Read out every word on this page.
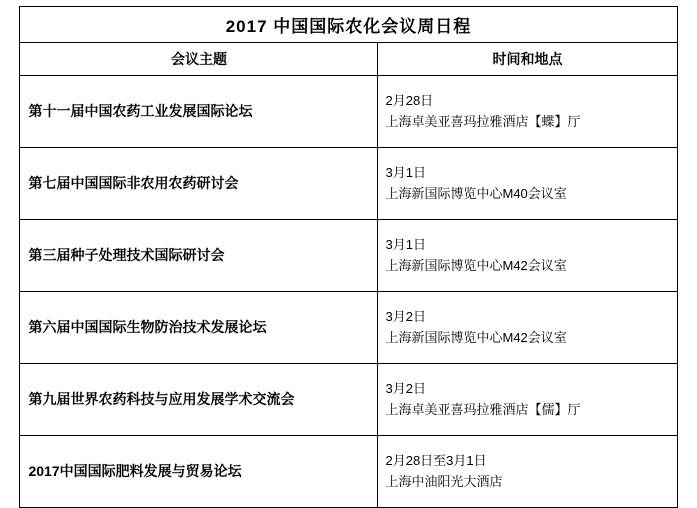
2017 中国国际农化会议周日程	
会议主题	时间和地点
第十一届中国农药工业发展国际论坛	2月28日
上海卓美亚喜玛拉雅酒店【蝶】厅

第七届中国国际非农用农药研讨会	3月1日
上海新国际博览中心M40会议室

第三届种子处理技术国际研讨会	3月1日
上海新国际博览中心M42会议室

第六届中国国际生物防治技术发展论坛	3月2日
上海新国际博览中心M42会议室

第九届世界农药科技与应用发展学术交流会	3月2日
上海卓美亚喜玛拉雅酒店【儒】厅

2017中国国际肥料发展与贸易论坛	2月28日至3月1日
上海中油阳光大酒店
